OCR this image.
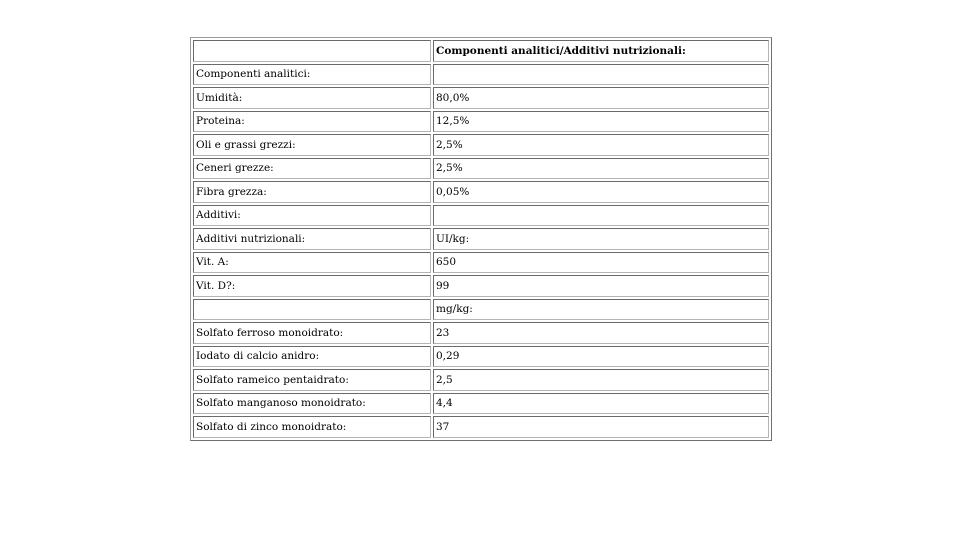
	Componenti analitici/Additivi nutrizionali:
Componenti analitici:	
Umidità:	80,0%
Proteina:	12,5%
Oli e grassi grezzi:	2,5%
Ceneri grezze:	2,5%
Fibra grezza:	0,05%
Additivi:	
Additivi nutrizionali:	UI/kg:
Vit. A:	650
Vit. D?:	99
	mg/kg:
Solfato ferroso monoidrato:	23
Iodato di calcio anidro:	0,29
Solfato rameico pentaidrato:	2,5
Solfato manganoso monoidrato:	4,4
Solfato di zinco monoidrato:	37
